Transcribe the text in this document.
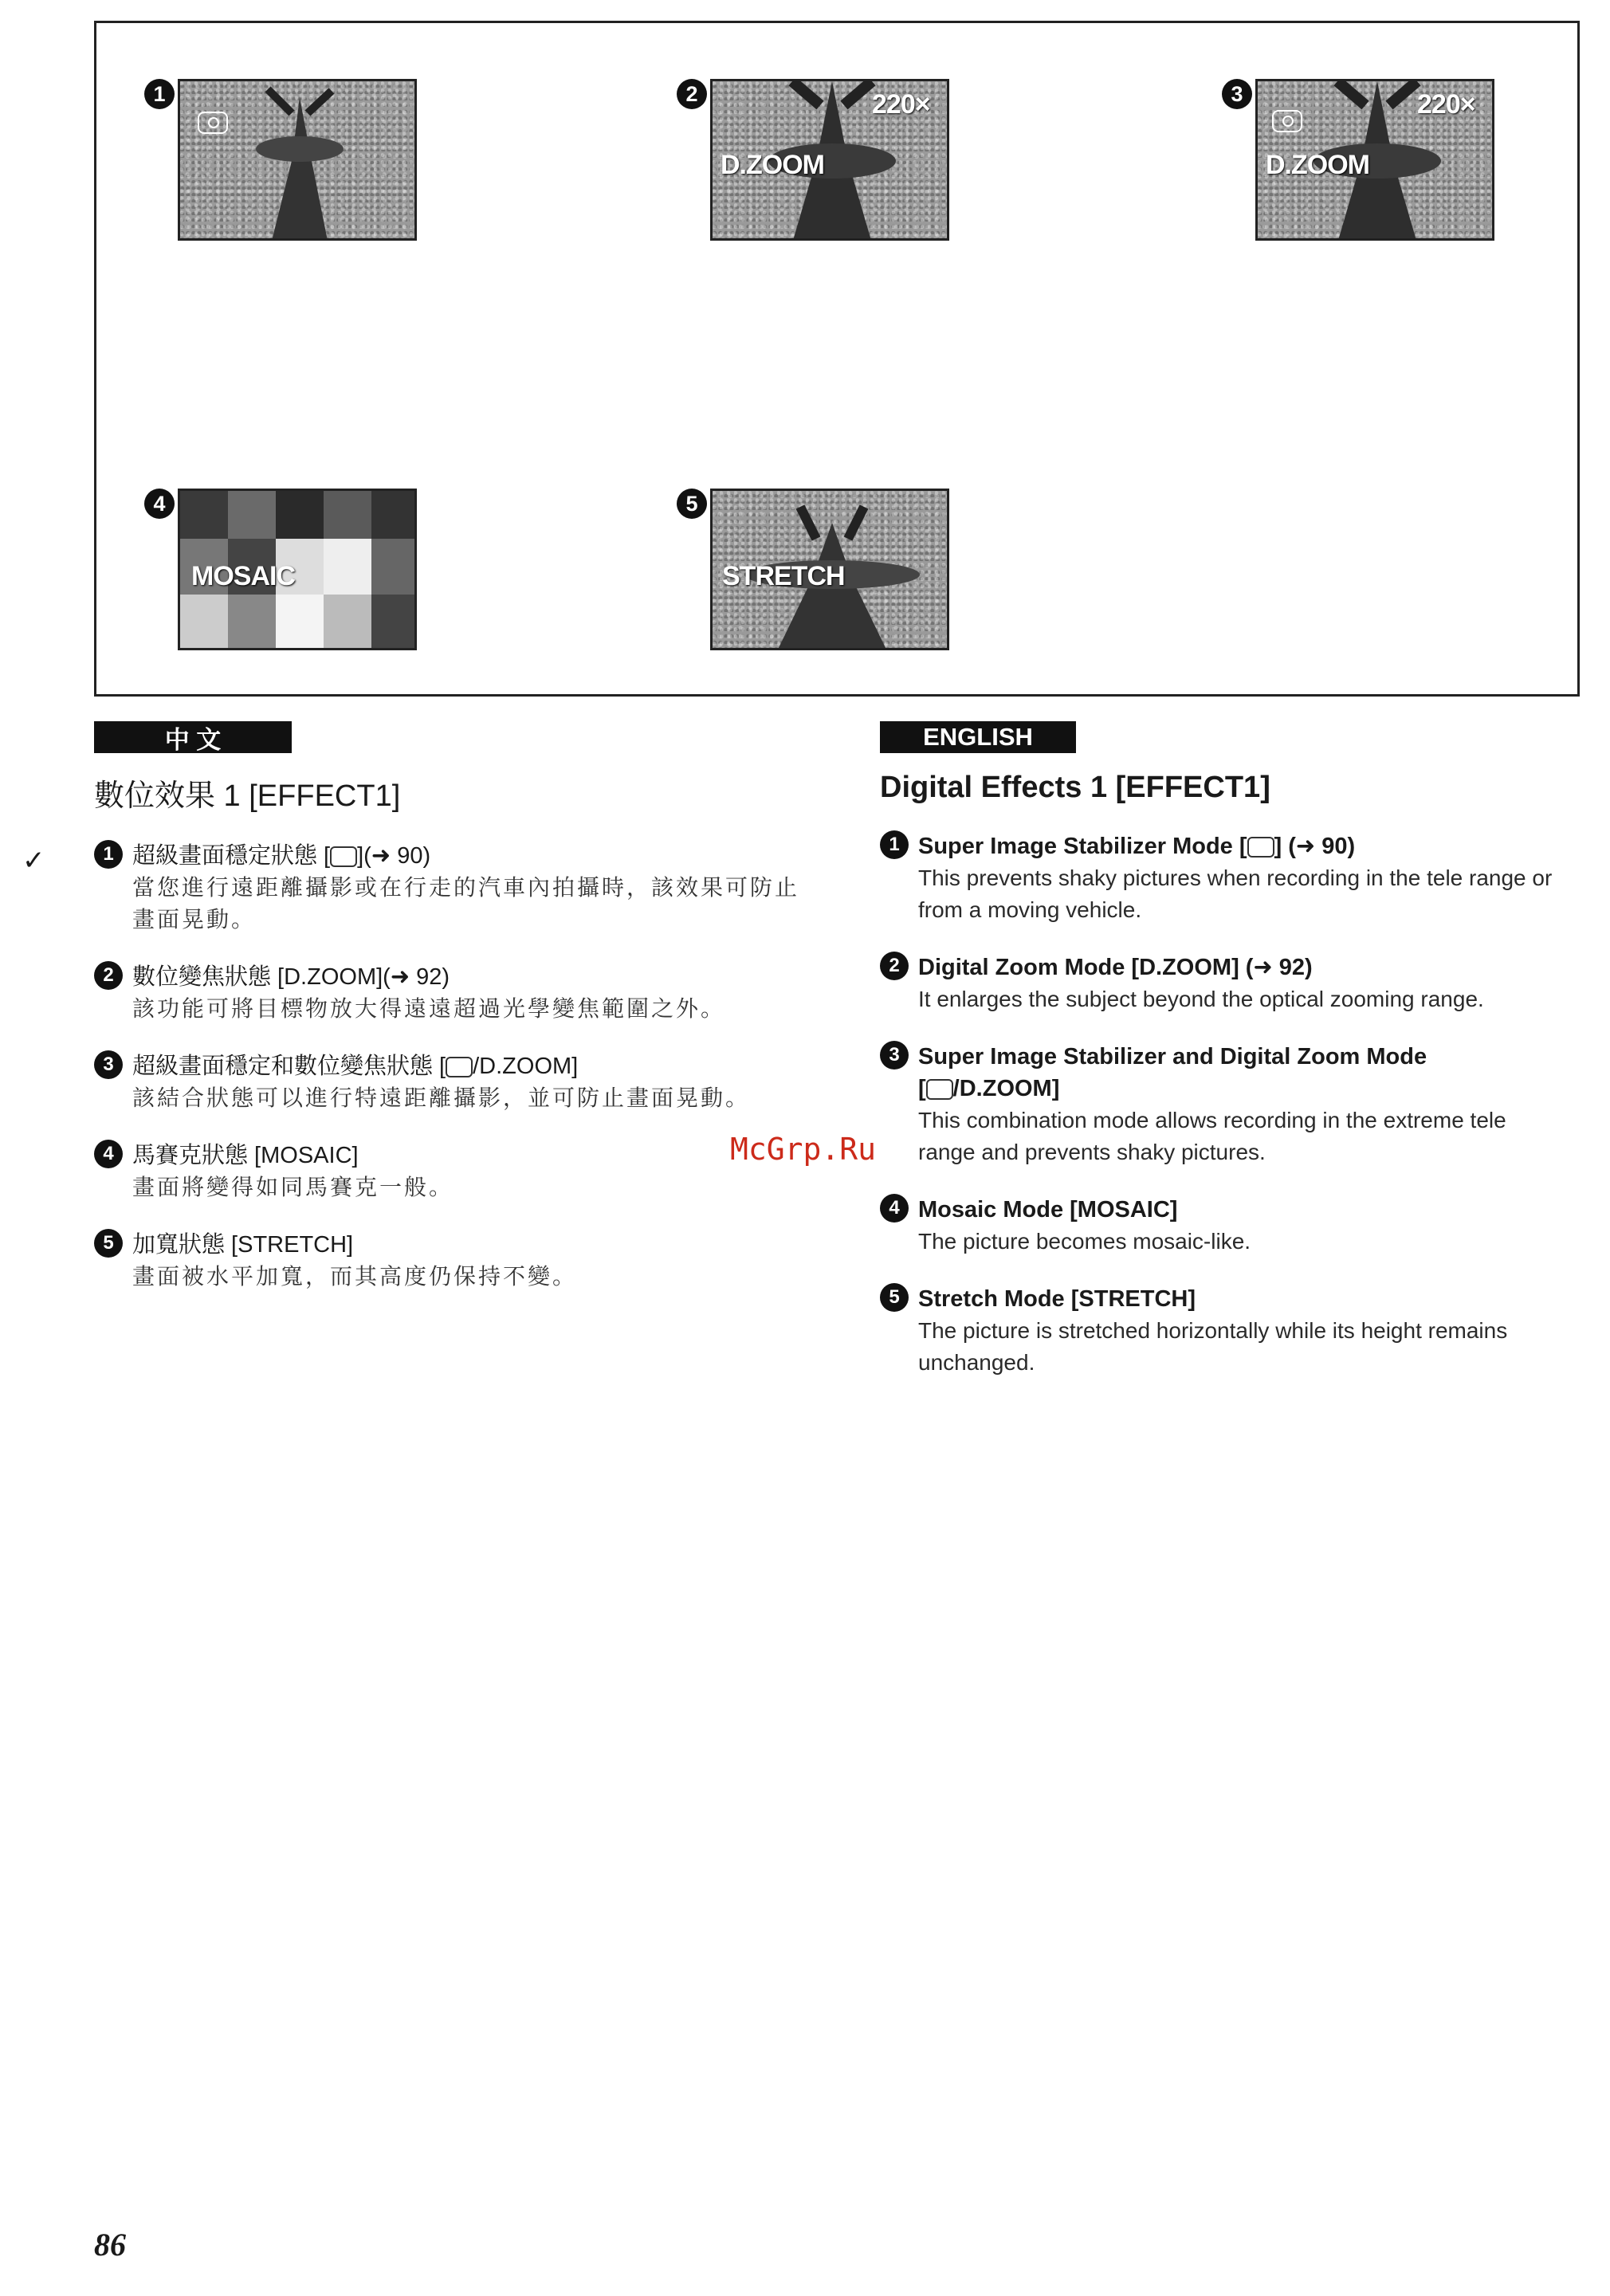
1	2	220×
D.ZOOM
3	220×
D.ZOOM
4
MOSAIC
5
STRETCH
✓
中 文
數位效果 1 [EFFECT1]
1 超級畫面穩定狀態 [ ](➜ 90)
當您進行遠距離攝影或在行走的汽車內拍攝時，該效果可防止畫面晃動。
2 數位變焦狀態 [D.ZOOM](➜ 92)
該功能可將目標物放大得遠遠超過光學變焦範圍之外。
3 超級畫面穩定和數位變焦狀態 [ /D.ZOOM]
該結合狀態可以進行特遠距離攝影，並可防止畫面晃動。
4 馬賽克狀態 [MOSAIC]
畫面將變得如同馬賽克一般。
5 加寬狀態 [STRETCH]
畫面被水平加寬，而其高度仍保持不變。
ENGLISH
Digital Effects 1 [EFFECT1]
1 Super Image Stabilizer Mode [ ] (➜ 90)
This prevents shaky pictures when recording in the tele range or from a moving vehicle.
2 Digital Zoom Mode [D.ZOOM] (➜ 92)
It enlarges the subject beyond the optical zooming range.
3 Super Image Stabilizer and Digital Zoom Mode
[ /D.ZOOM]
This combination mode allows recording in the extreme tele range and prevents shaky pictures.
4 Mosaic Mode [MOSAIC]
The picture becomes mosaic-like.
5 Stretch Mode [STRETCH]
The picture is stretched horizontally while its height remains unchanged.
McGrp.Ru
86
